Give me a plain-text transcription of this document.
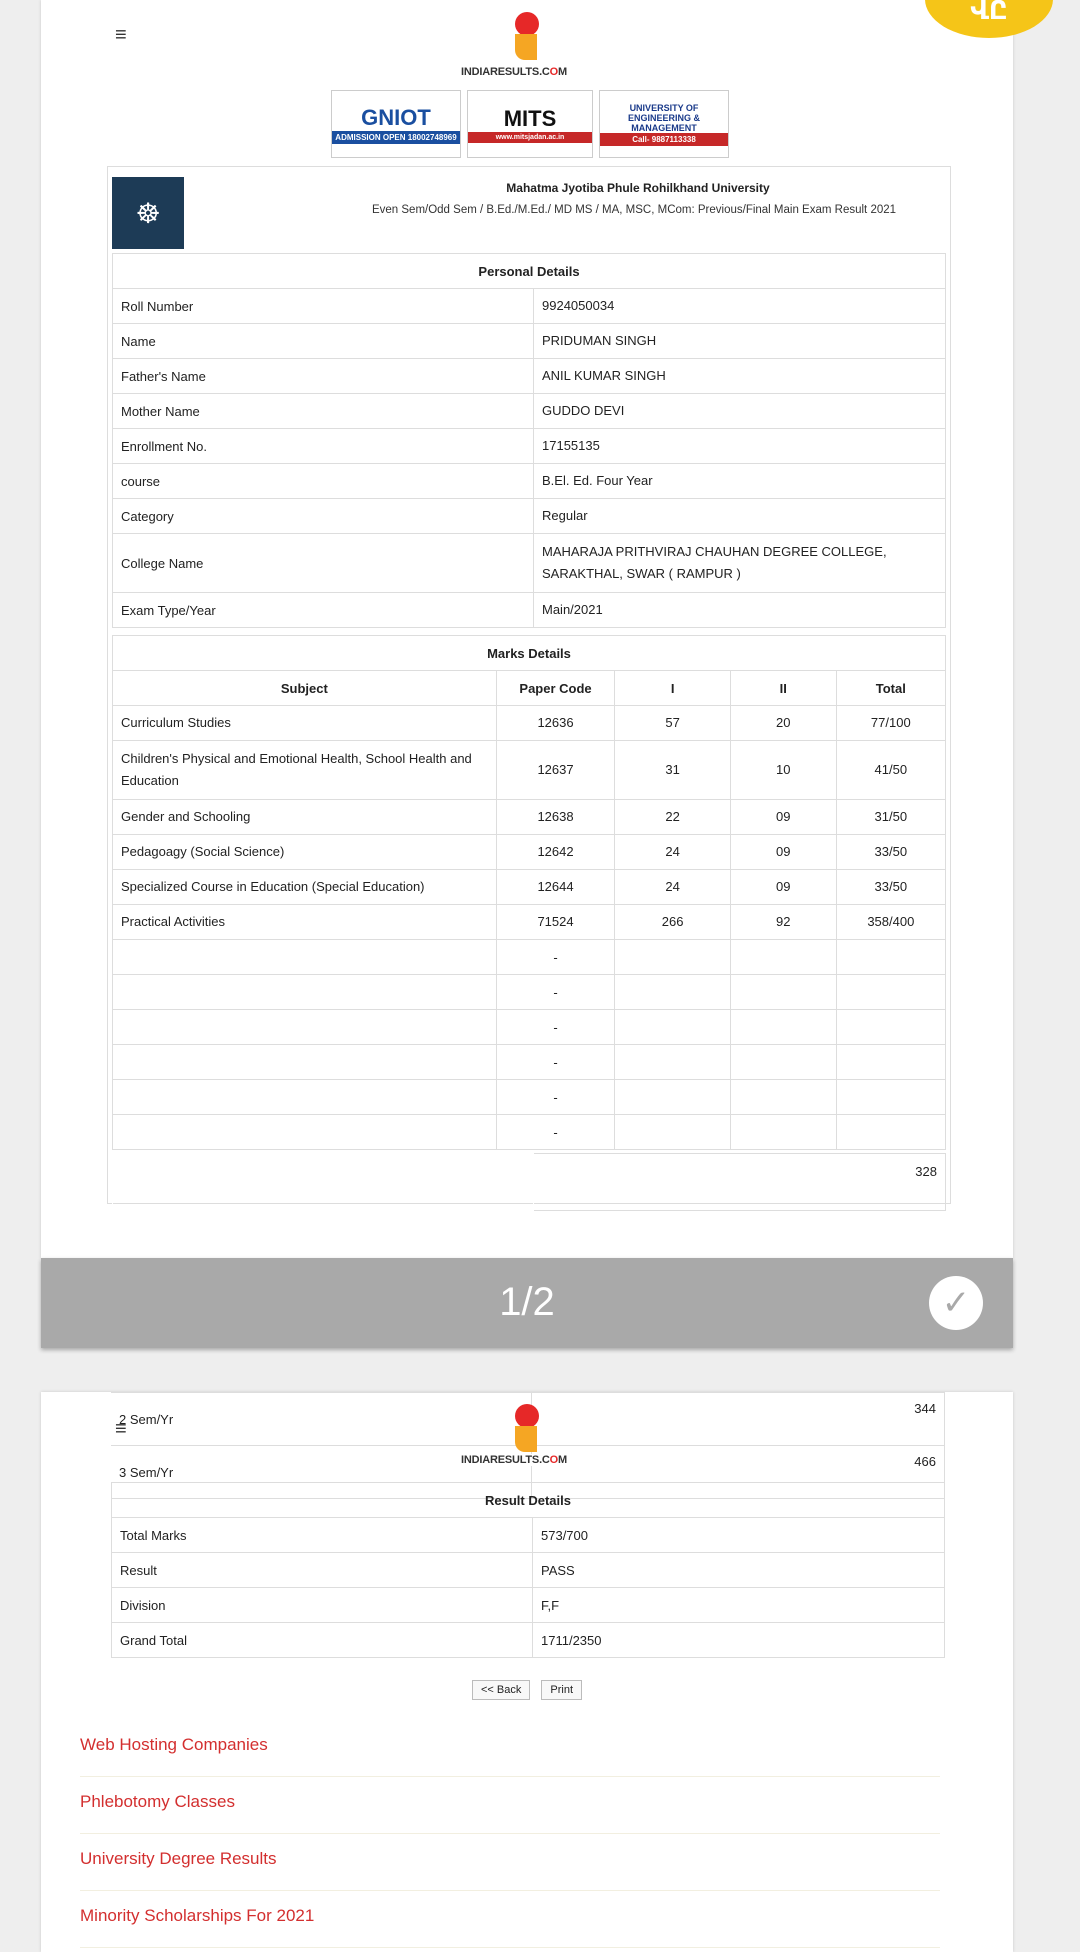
≡
INDIARESULTS.COM
GNIOT
ADMISSION OPEN 18002748969
MITS
www.mitsjadan.ac.in
UNIVERSITY OF ENGINEERING & MANAGEMENT
Call- 9887113338
☸
Mahatma Jyotiba Phule Rohilkhand University
Even Sem/Odd Sem / B.Ed./M.Ed./ MD MS / MA, MSC, MCom: Previous/Final Main Exam Result 2021
Personal Details	
Roll Number	9924050034
Name	PRIDUMAN SINGH
Father's Name	ANIL KUMAR SINGH
Mother Name	GUDDO DEVI
Enrollment No.	17155135
course	B.El. Ed. Four Year
Category	Regular
College Name	MAHARAJA PRITHVIRAJ CHAUHAN DEGREE COLLEGE, SARAKTHAL, SWAR ( RAMPUR )
Exam Type/Year	Main/2021
Marks Details				
Subject	Paper Code	I	II	Total
Curriculum Studies	12636	57	20	77/100
Children's Physical and Emotional Health, School Health and Education	12637	31	10	41/50
Gender and Schooling	12638	22	09	31/50
Pedagoagy (Social Science)	12642	24	09	33/50
Specialized Course in Education (Special Education)	12644	24	09	33/50
Practical Activities	71524	266	92	358/400
	-			
	-			
	-			
	-			
	-			
	-			
	328
1/2	✓
2 Sem/Yr	344
3 Sem/Yr	466
≡
INDIARESULTS.COM
Result Details	
Total Marks	573/700
Result	PASS
Division	F,F
Grand Total	1711/2350
<< Back	Print
Web Hosting Companies
Phlebotomy Classes
University Degree Results
Minority Scholarships For 2021
ՎԸ
